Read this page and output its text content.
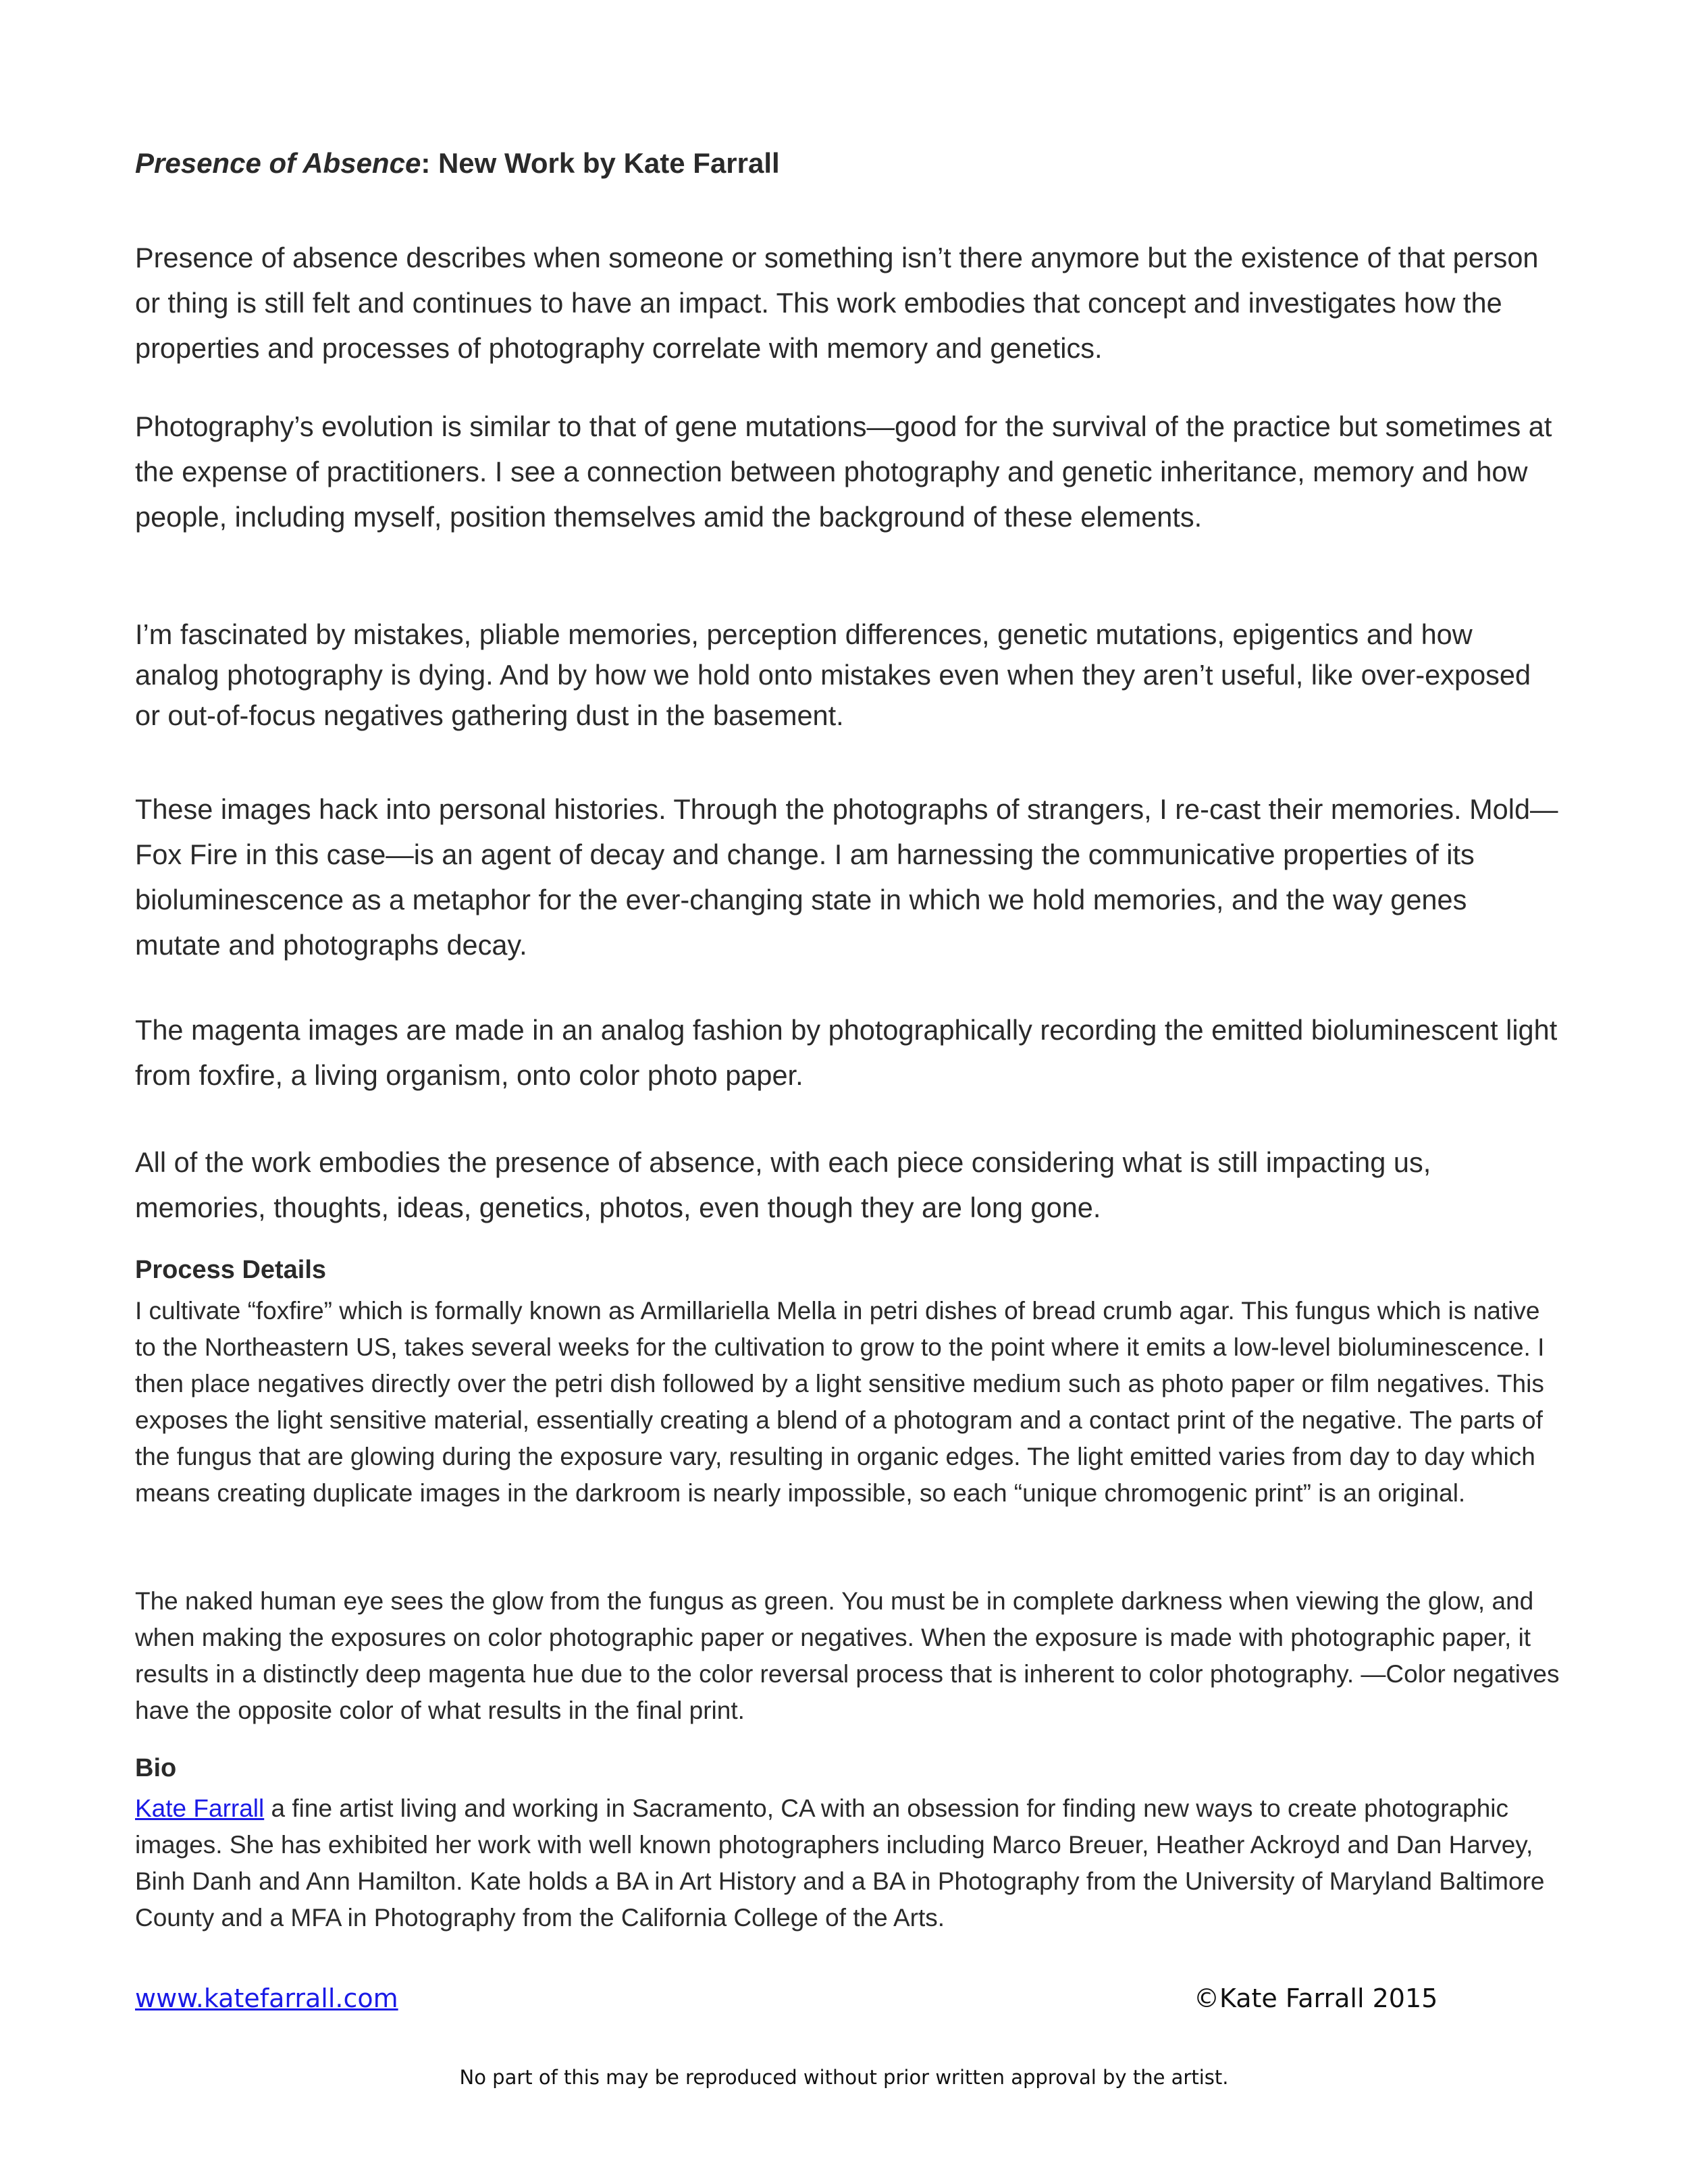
Presence of Absence: New Work by Kate Farrall

Presence of absence describes when someone or something isn’t there anymore but the existence of that person or thing is still felt and continues to have an impact. This work embodies that concept and investigates how the properties and processes of photography correlate with memory and genetics.

Photography’s evolution is similar to that of gene mutations—good for the survival of the practice but sometimes at the expense of practitioners. I see a connection between photography and genetic inheritance, memory and how people, including myself, position themselves amid the background of these elements.

I’m fascinated by mistakes, pliable memories, perception differences, genetic mutations, epigentics and how analog photography is dying. And by how we hold onto mistakes even when they aren’t useful, like over-exposed or out-of-focus negatives gathering dust in the basement.

These images hack into personal histories. Through the photographs of strangers, I re-cast their memories. Mold—Fox Fire in this case—is an agent of decay and change. I am harnessing the communicative properties of its bioluminescence as a metaphor for the ever-changing state in which we hold memories, and the way genes mutate and photographs decay.

The magenta images are made in an analog fashion by photographically recording the emitted bioluminescent light from foxfire, a living organism, onto color photo paper.

All of the work embodies the presence of absence, with each piece considering what is still impacting us, memories, thoughts, ideas, genetics, photos, even though they are long gone.

Process Details

I cultivate “foxfire” which is formally known as Armillariella Mella in petri dishes of bread crumb agar. This fungus which is native to the Northeastern US, takes several weeks for the cultivation to grow to the point where it emits a low-level bioluminescence. I then place negatives directly over the petri dish followed by a light sensitive medium such as photo paper or film negatives. This exposes the light sensitive material, essentially creating a blend of a photogram and a contact print of the negative. The parts of the fungus that are glowing during the exposure vary, resulting in organic edges. The light emitted varies from day to day which means creating duplicate images in the darkroom is nearly impossible, so each “unique chromogenic print” is an original.

The naked human eye sees the glow from the fungus as green. You must be in complete darkness when viewing the glow, and when making the exposures on color photographic paper or negatives. When the exposure is made with photographic paper, it results in a distinctly deep magenta hue due to the color reversal process that is inherent to color photography. —Color negatives have the opposite color of what results in the final print.

Bio

Kate Farrall a fine artist living and working in Sacramento, CA with an obsession for finding new ways to create photographic images. She has exhibited her work with well known photographers including Marco Breuer, Heather Ackroyd and Dan Harvey, Binh Danh and Ann Hamilton. Kate holds a BA in Art History and a BA in Photography from the University of Maryland Baltimore County and a MFA in Photography from the California College of the Arts.

www.katefarrall.com	©Kate Farrall 2015
No part of this may be reproduced without prior written approval by the artist.
